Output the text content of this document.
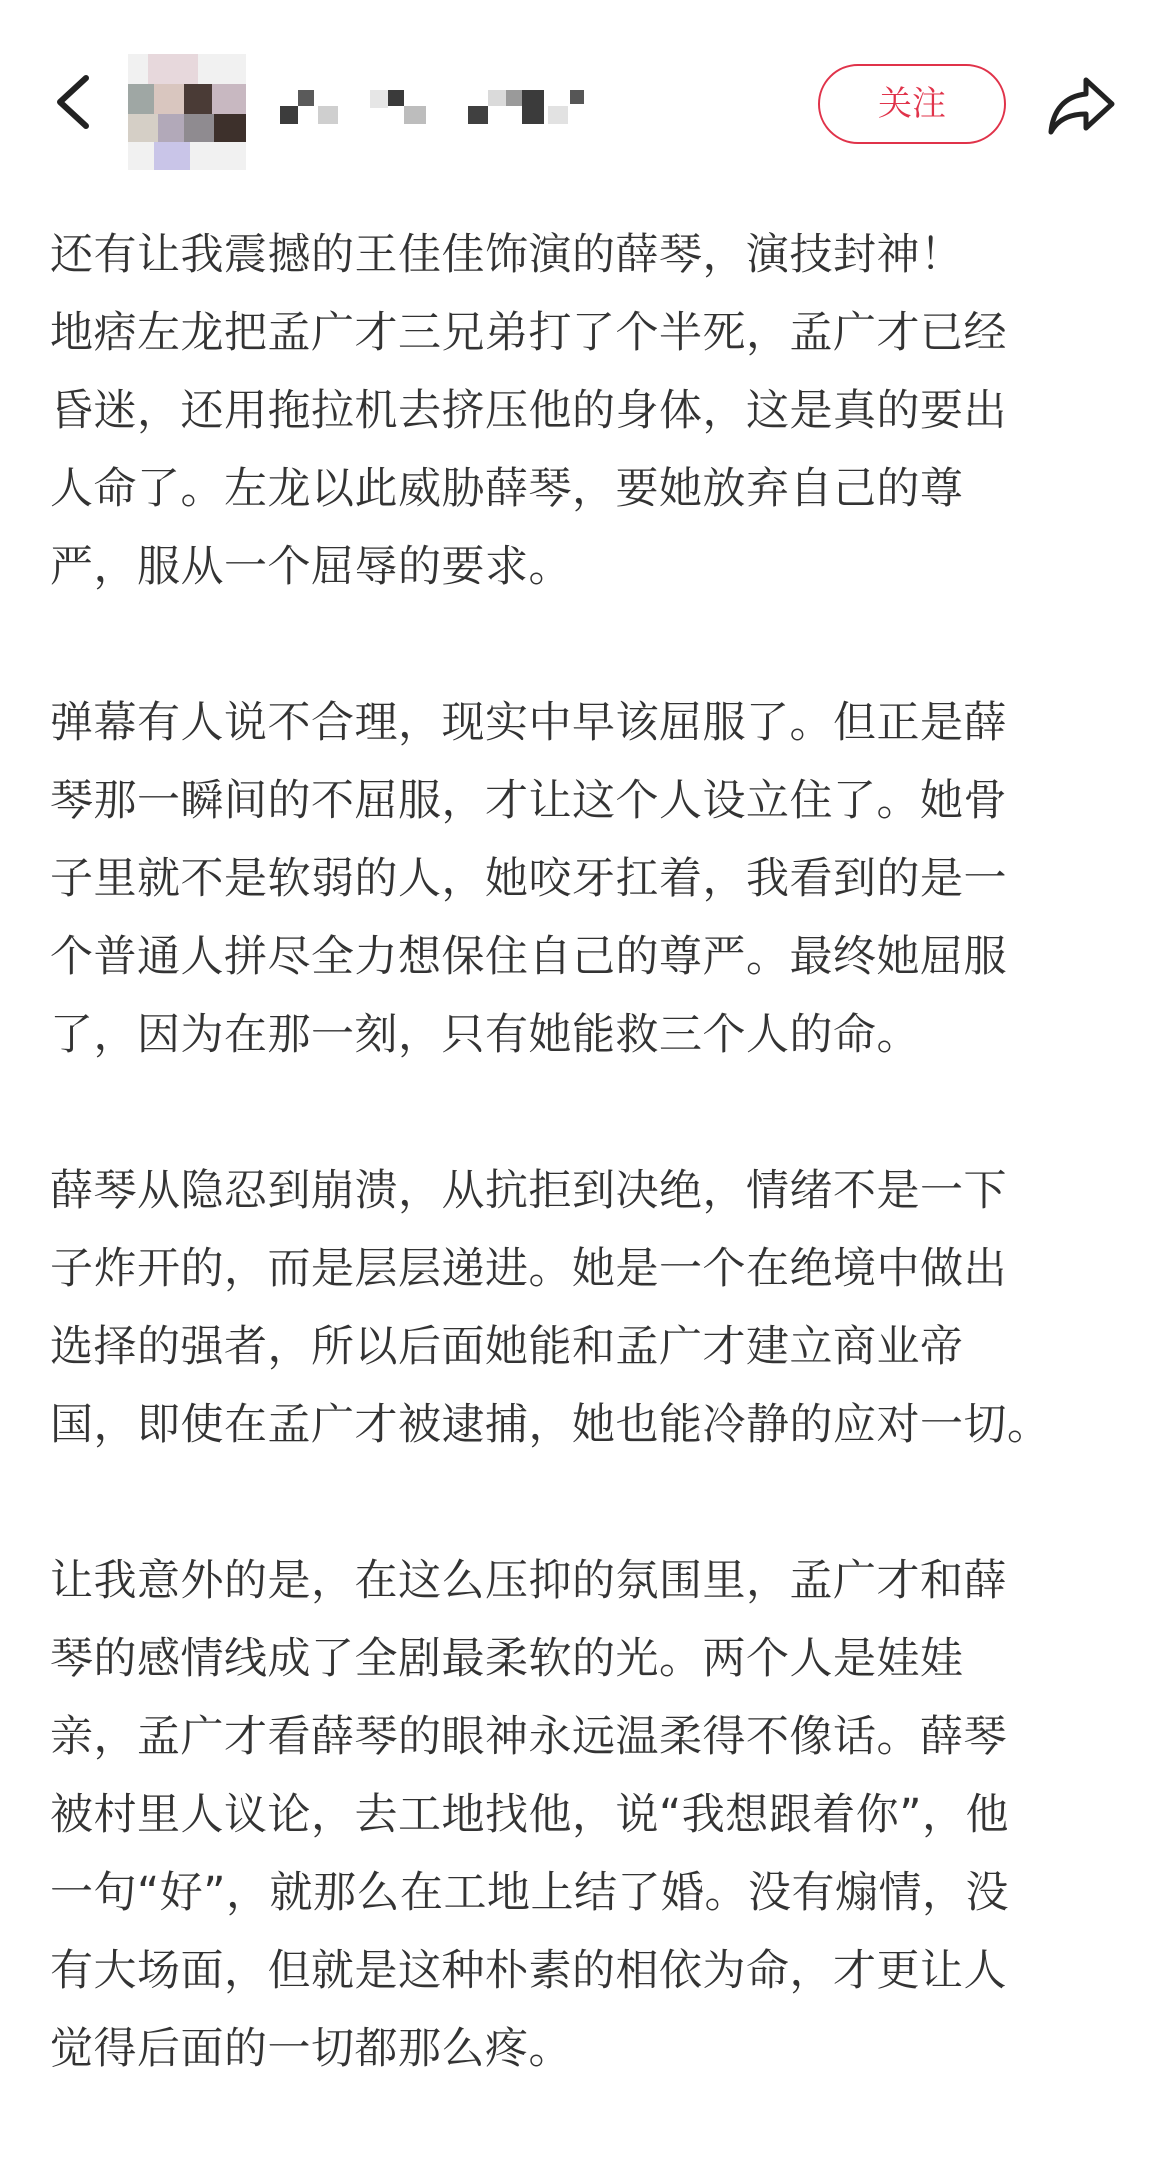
关注

还有让我震撼的王佳佳饰演的薛琴，演技封神！
地痞左龙把孟广才三兄弟打了个半死，孟广才已经
昏迷，还用拖拉机去挤压他的身体，这是真的要出
人命了。左龙以此威胁薛琴，要她放弃自己的尊
严，服从一个屈辱的要求。

弹幕有人说不合理，现实中早该屈服了。但正是薛
琴那一瞬间的不屈服，才让这个人设立住了。她骨
子里就不是软弱的人，她咬牙扛着，我看到的是一
个普通人拼尽全力想保住自己的尊严。最终她屈服
了，因为在那一刻，只有她能救三个人的命。

薛琴从隐忍到崩溃，从抗拒到决绝，情绪不是一下
子炸开的，而是层层递进。她是一个在绝境中做出
选择的强者，所以后面她能和孟广才建立商业帝
国，即使在孟广才被逮捕，她也能冷静的应对一切。

让我意外的是，在这么压抑的氛围里，孟广才和薛
琴的感情线成了全剧最柔软的光。两个人是娃娃
亲，孟广才看薛琴的眼神永远温柔得不像话。薛琴
被村里人议论，去工地找他，说“我想跟着你”，他
一句“好”，就那么在工地上结了婚。没有煽情，没
有大场面，但就是这种朴素的相依为命，才更让人
觉得后面的一切都那么疼。
